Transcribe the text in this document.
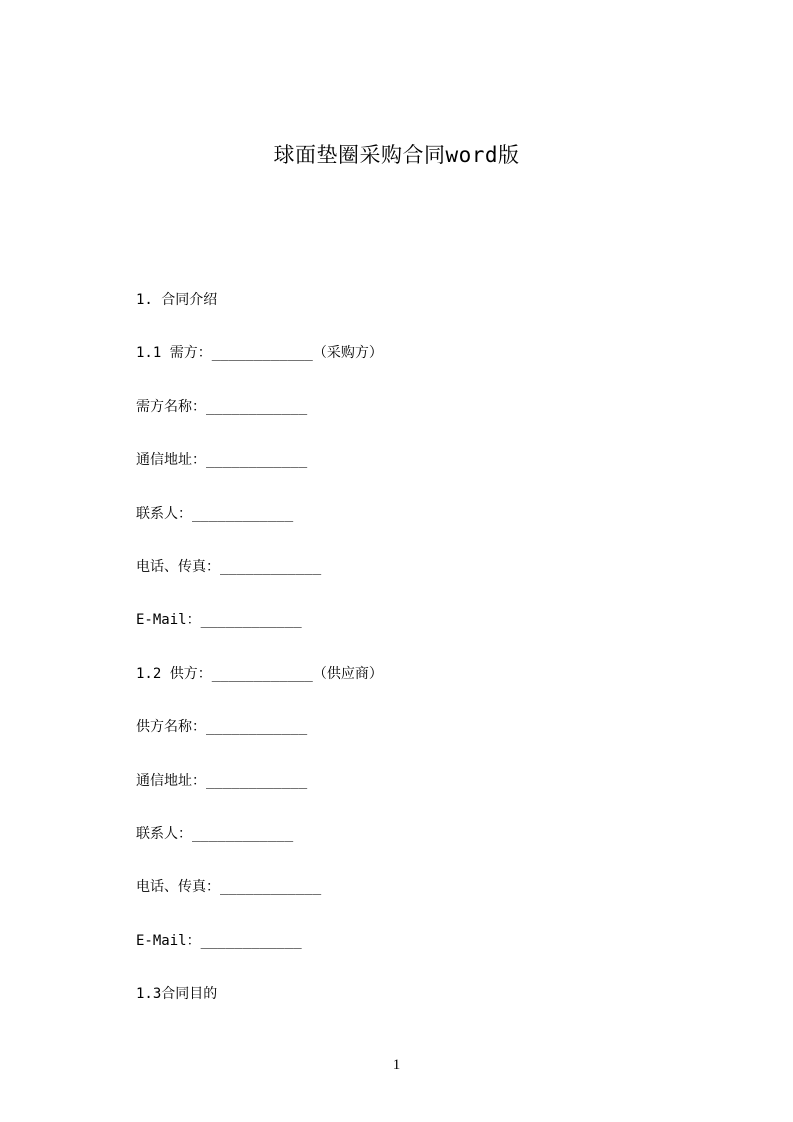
球面垫圈采购合同word版
1. 合同介绍
1.1 需方：____________（采购方）
需方名称：____________
通信地址：____________
联系人：____________
电话、传真：____________
E-Mail：____________
1.2 供方：____________（供应商）
供方名称：____________
通信地址：____________
联系人：____________
电话、传真：____________
E-Mail：____________
1.3合同目的
1
